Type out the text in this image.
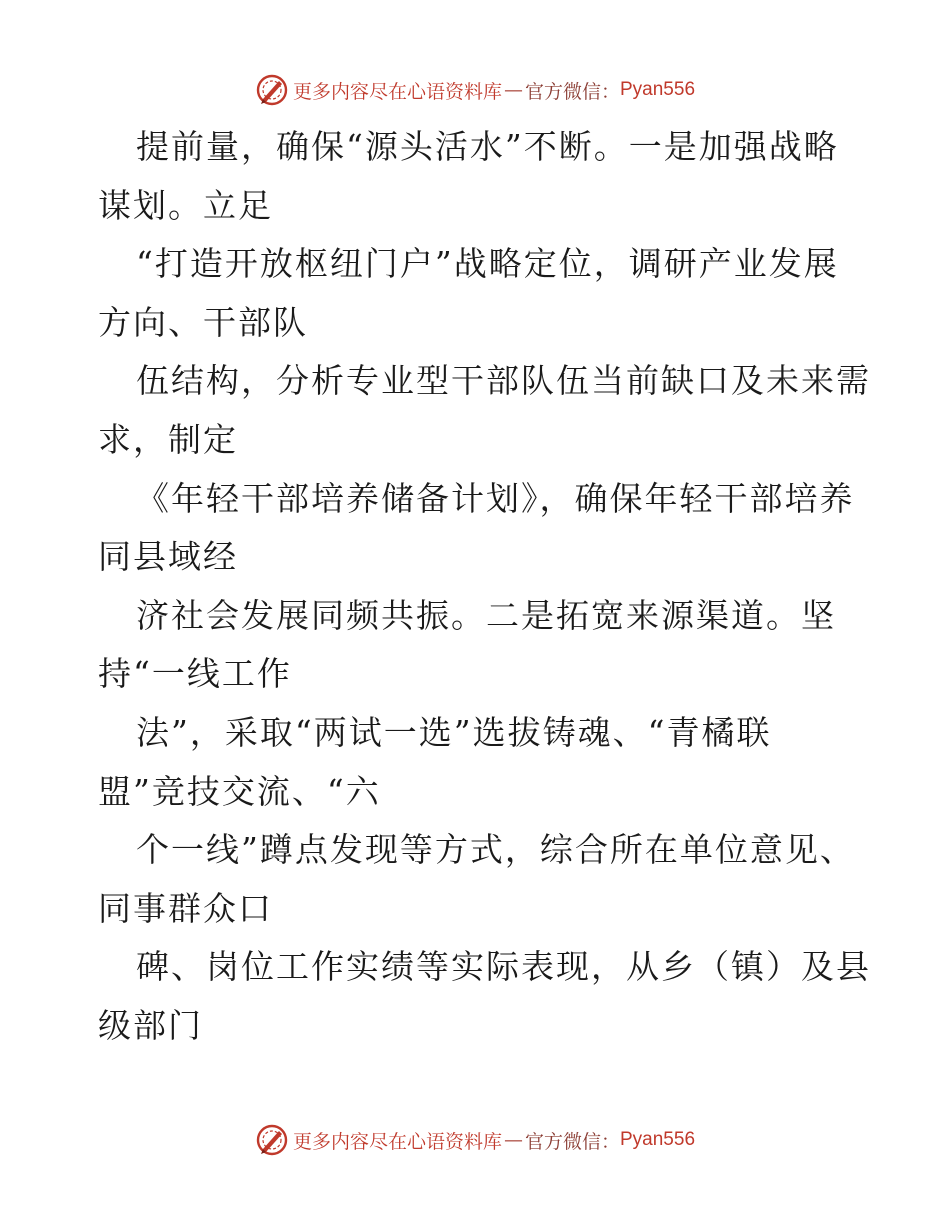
更多内容尽在心语资料库 — 官方微信： Pyan556
提前量，确保“源头活水”不断。一是加强战略
谋划。立足
“打造开放枢纽门户”战略定位，调研产业发展
方向、干部队
伍结构，分析专业型干部队伍当前缺口及未来需
求，制定
《年轻干部培养储备计划》，确保年轻干部培养
同县域经
济社会发展同频共振。二是拓宽来源渠道。坚
持“一线工作
法”，采取“两试一选”选拔铸魂、“青橘联
盟”竞技交流、“六
个一线”蹲点发现等方式，综合所在单位意见、
同事群众口
碑、岗位工作实绩等实际表现，从乡（镇）及县
级部门
更多内容尽在心语资料库 — 官方微信： Pyan556
